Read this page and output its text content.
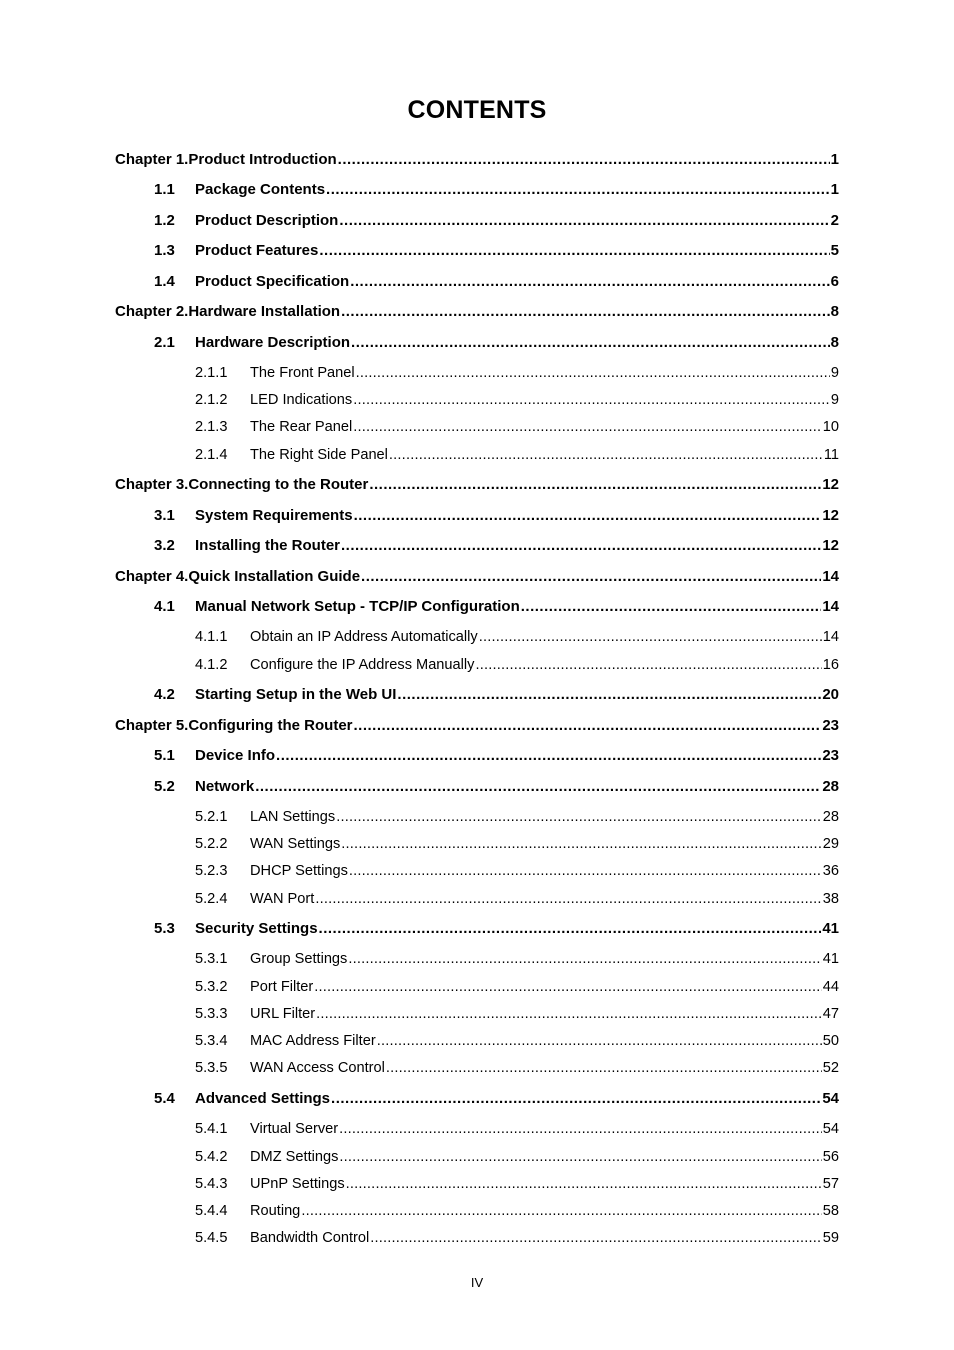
CONTENTS
Chapter 1.Product Introduction .....	1
1.1	Package Contents .....	1
1.2	Product Description .....	2
1.3	Product Features .....	5
1.4	Product Specification .....	6
Chapter 2.Hardware Installation .....	8
2.1	Hardware Description .....	8
2.1.1	The Front Panel .....	9
2.1.2	LED Indications .....	9
2.1.3	The Rear Panel .....	10
2.1.4	The Right Side Panel .....	11
Chapter 3.Connecting to the Router .....	12
3.1	System Requirements .....	12
3.2	Installing the Router .....	12
Chapter 4.Quick Installation Guide .....	14
4.1	Manual Network Setup - TCP/IP Configuration .....	14
4.1.1	Obtain an IP Address Automatically .....	14
4.1.2	Configure the IP Address Manually .....	16
4.2	Starting Setup in the Web UI .....	20
Chapter 5.Configuring the Router .....	23
5.1	Device Info .....	23
5.2	Network .....	28
5.2.1	LAN Settings .....	28
5.2.2	WAN Settings .....	29
5.2.3	DHCP Settings .....	36
5.2.4	WAN Port .....	38
5.3	Security Settings .....	41
5.3.1	Group Settings .....	41
5.3.2	Port Filter .....	44
5.3.3	URL Filter .....	47
5.3.4	MAC Address Filter .....	50
5.3.5	WAN Access Control .....	52
5.4	Advanced Settings .....	54
5.4.1	Virtual Server .....	54
5.4.2	DMZ Settings .....	56
5.4.3	UPnP Settings .....	57
5.4.4	Routing .....	58
5.4.5	Bandwidth Control .....	59
IV
